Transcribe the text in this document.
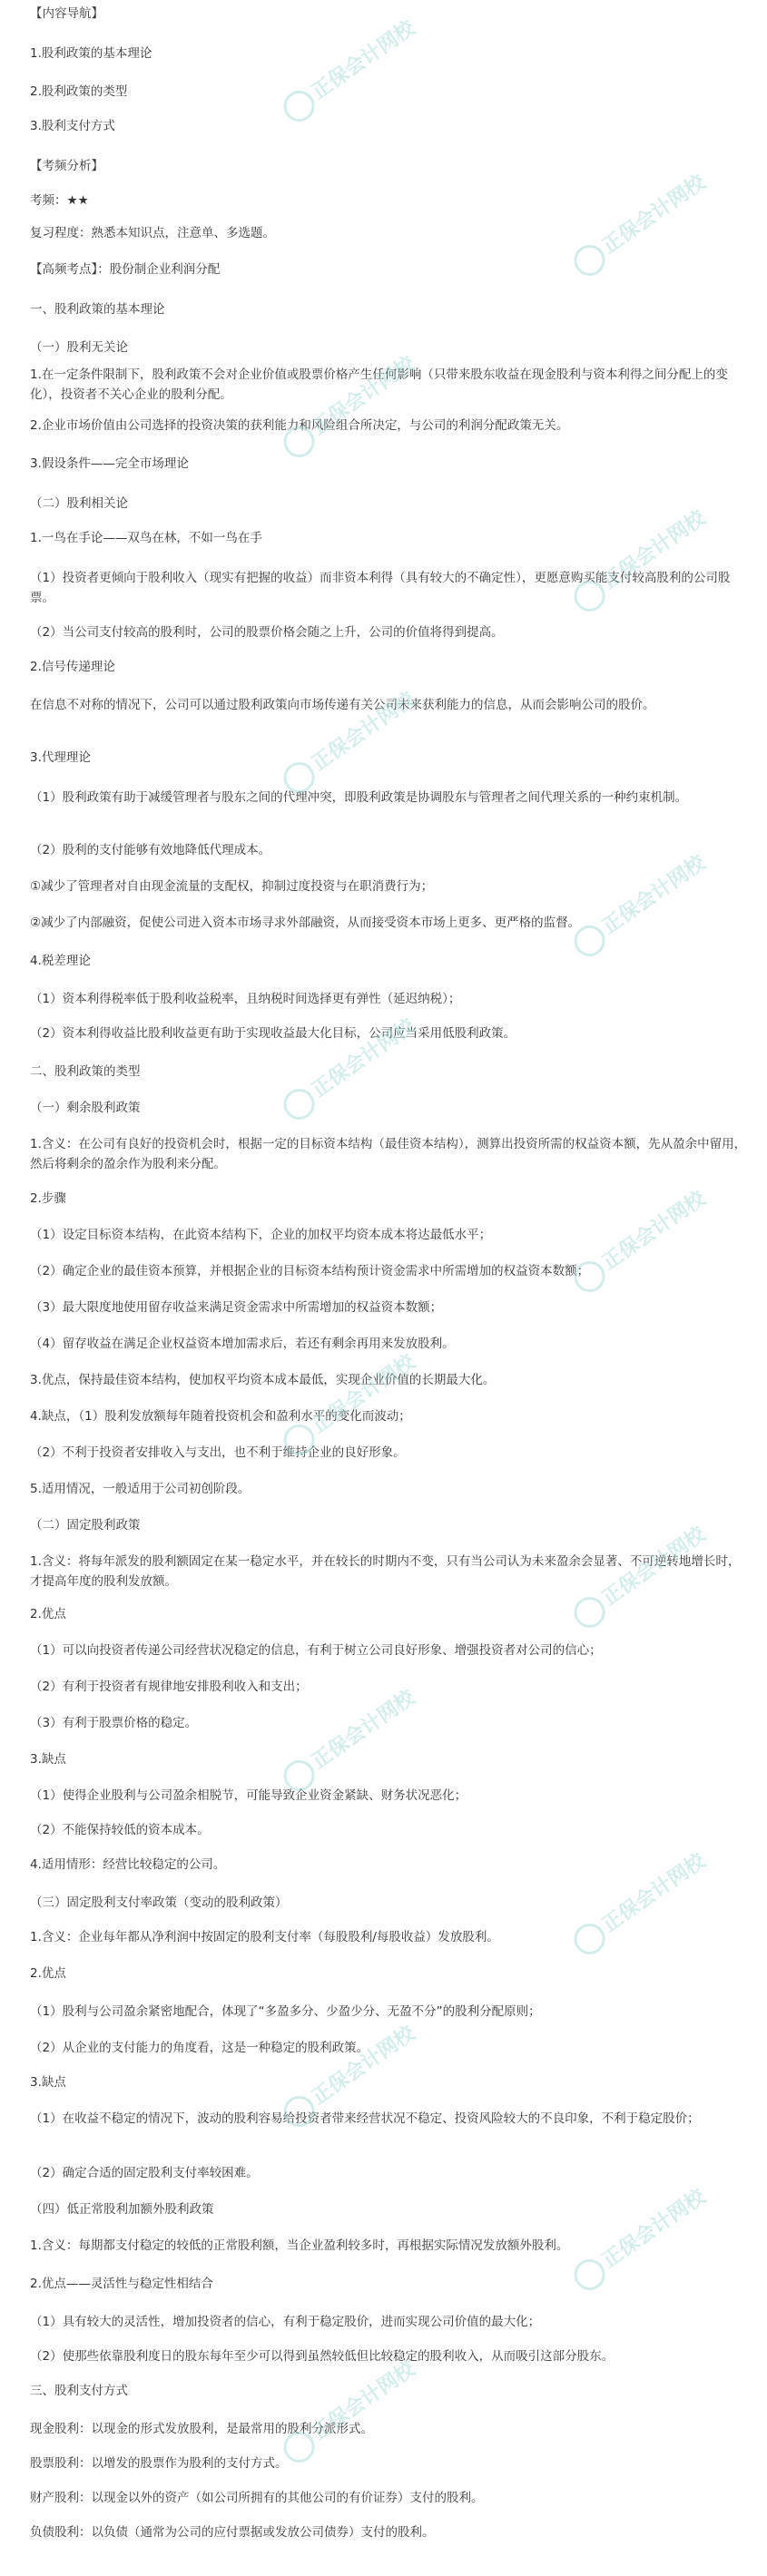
【内容导航】
1.股利政策的基本理论
2.股利政策的类型
3.股利支付方式
【考频分析】
考频：★★
复习程度：熟悉本知识点，注意单、多选题。
【高频考点】：股份制企业利润分配
一、股利政策的基本理论
（一）股利无关论
1.在一定条件限制下，股利政策不会对企业价值或股票价格产生任何影响（只带来股东收益在现金股利与资本利得之间分配上的变化），投资者不关心企业的股利分配。
2.企业市场价值由公司选择的投资决策的获利能力和风险组合所决定，与公司的利润分配政策无关。
3.假设条件——完全市场理论
（二）股利相关论
1.一鸟在手论——双鸟在林，不如一鸟在手
（1）投资者更倾向于股利收入（现实有把握的收益）而非资本利得（具有较大的不确定性），更愿意购买能支付较高股利的公司股票。
（2）当公司支付较高的股利时，公司的股票价格会随之上升，公司的价值将得到提高。
2.信号传递理论
在信息不对称的情况下，公司可以通过股利政策向市场传递有关公司未来获利能力的信息，从而会影响公司的股价。
3.代理理论
（1）股利政策有助于减缓管理者与股东之间的代理冲突，即股利政策是协调股东与管理者之间代理关系的一种约束机制。
（2）股利的支付能够有效地降低代理成本。
①减少了管理者对自由现金流量的支配权，抑制过度投资与在职消费行为；
②减少了内部融资，促使公司进入资本市场寻求外部融资，从而接受资本市场上更多、更严格的监督。
4.税差理论
（1）资本利得税率低于股利收益税率，且纳税时间选择更有弹性（延迟纳税）；
（2）资本利得收益比股利收益更有助于实现收益最大化目标，公司应当采用低股利政策。
二、股利政策的类型
（一）剩余股利政策
1.含义：在公司有良好的投资机会时，根据一定的目标资本结构（最佳资本结构），测算出投资所需的权益资本额，先从盈余中留用，然后将剩余的盈余作为股利来分配。
2.步骤
（1）设定目标资本结构，在此资本结构下，企业的加权平均资本成本将达最低水平；
（2）确定企业的最佳资本预算，并根据企业的目标资本结构预计资金需求中所需增加的权益资本数额；
（3）最大限度地使用留存收益来满足资金需求中所需增加的权益资本数额；
（4）留存收益在满足企业权益资本增加需求后，若还有剩余再用来发放股利。
3.优点，保持最佳资本结构，使加权平均资本成本最低，实现企业价值的长期最大化。
4.缺点，（1）股利发放额每年随着投资机会和盈利水平的变化而波动；
（2）不利于投资者安排收入与支出，也不利于维持企业的良好形象。
5.适用情况，一般适用于公司初创阶段。
（二）固定股利政策
1.含义：将每年派发的股利额固定在某一稳定水平，并在较长的时期内不变，只有当公司认为未来盈余会显著、不可逆转地增长时，才提高年度的股利发放额。
2.优点
（1）可以向投资者传递公司经营状况稳定的信息，有利于树立公司良好形象、增强投资者对公司的信心；
（2）有利于投资者有规律地安排股利收入和支出；
（3）有利于股票价格的稳定。
3.缺点
（1）使得企业股利与公司盈余相脱节，可能导致企业资金紧缺、财务状况恶化；
（2）不能保持较低的资本成本。
4.适用情形：经营比较稳定的公司。
（三）固定股利支付率政策（变动的股利政策）
1.含义：企业每年都从净利润中按固定的股利支付率（每股股利/每股收益）发放股利。
2.优点
（1）股利与公司盈余紧密地配合，体现了“多盈多分、少盈少分、无盈不分”的股利分配原则；
（2）从企业的支付能力的角度看，这是一种稳定的股利政策。
3.缺点
（1）在收益不稳定的情况下，波动的股利容易给投资者带来经营状况不稳定、投资风险较大的不良印象，不利于稳定股价；
（2）确定合适的固定股利支付率较困难。
（四）低正常股利加额外股利政策
1.含义：每期都支付稳定的较低的正常股利额，当企业盈利较多时，再根据实际情况发放额外股利。
2.优点——灵活性与稳定性相结合
（1）具有较大的灵活性，增加投资者的信心，有利于稳定股价，进而实现公司价值的最大化；
（2）使那些依靠股利度日的股东每年至少可以得到虽然较低但比较稳定的股利收入，从而吸引这部分股东。
三、股利支付方式
现金股利：以现金的形式发放股利，是最常用的股利分派形式。
股票股利：以增发的股票作为股利的支付方式。
财产股利：以现金以外的资产（如公司所拥有的其他公司的有价证券）支付的股利。
负债股利：以负债（通常为公司的应付票据或发放公司债券）支付的股利。
正保会计网校
正保会计网校
正保会计网校
正保会计网校
正保会计网校
正保会计网校
正保会计网校
正保会计网校
正保会计网校
正保会计网校
正保会计网校
正保会计网校
正保会计网校
正保会计网校
正保会计网校
